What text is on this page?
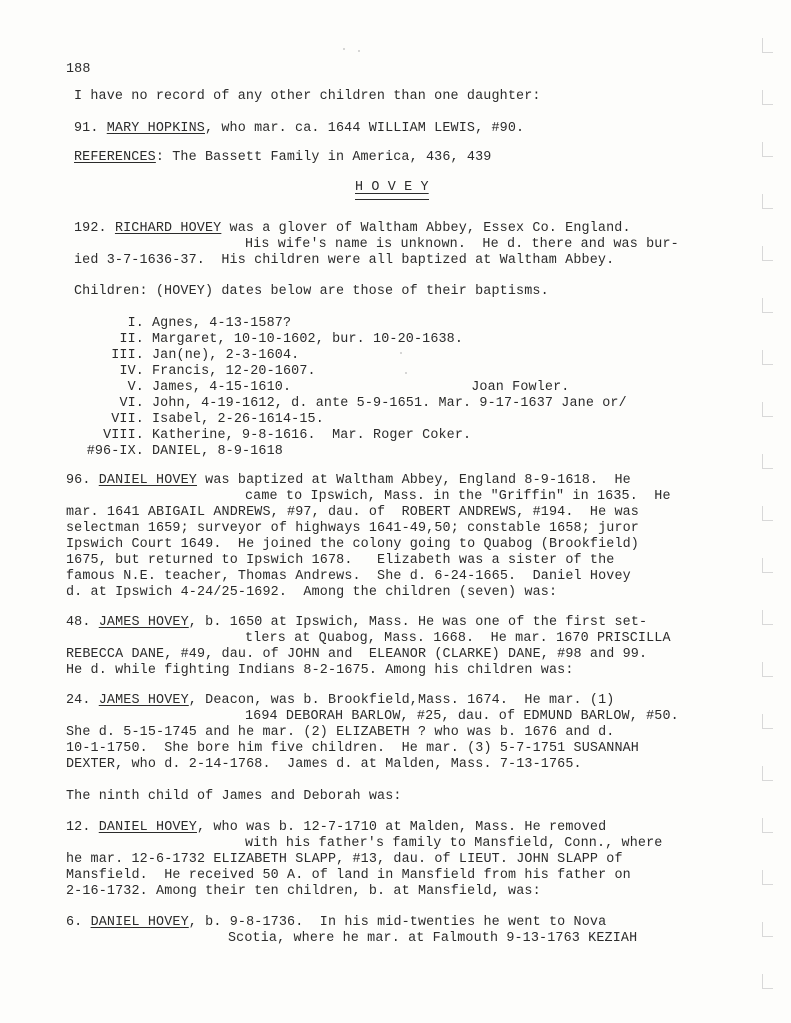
188
I have no record of any other children than one daughter:
91. MARY HOPKINS, who mar. ca. 1644 WILLIAM LEWIS, #90.
REFERENCES: The Bassett Family in America, 436, 439
H O V E Y
192. RICHARD HOVEY was a glover of Waltham Abbey, Essex Co. England.
His wife's name is unknown.  He d. there and was bur-
ied 3-7-1636-37.  His children were all baptized at Waltham Abbey.
Children: (HOVEY) dates below are those of their baptisms.
I. Agnes, 4-13-1587?
II. Margaret, 10-10-1602, bur. 10-20-1638.
III. Jan(ne), 2-3-1604.
IV. Francis, 12-20-1607.
V. James, 4-15-1610.                      Joan Fowler.
VI. John, 4-19-1612, d. ante 5-9-1651. Mar. 9-17-1637 Jane or/
VII. Isabel, 2-26-1614-15.
VIII. Katherine, 9-8-1616.  Mar. Roger Coker.
#96-IX. DANIEL, 8-9-1618
96. DANIEL HOVEY was baptized at Waltham Abbey, England 8-9-1618.  He
came to Ipswich, Mass. in the "Griffin" in 1635.  He
mar. 1641 ABIGAIL ANDREWS, #97, dau. of  ROBERT ANDREWS, #194.  He was
selectman 1659; surveyor of highways 1641-49,50; constable 1658; juror
Ipswich Court 1649.  He joined the colony going to Quabog (Brookfield)
1675, but returned to Ipswich 1678.   Elizabeth was a sister of the
famous N.E. teacher, Thomas Andrews.  She d. 6-24-1665.  Daniel Hovey
d. at Ipswich 4-24/25-1692.  Among the children (seven) was:
48. JAMES HOVEY, b. 1650 at Ipswich, Mass. He was one of the first set-
tlers at Quabog, Mass. 1668.  He mar. 1670 PRISCILLA
REBECCA DANE, #49, dau. of JOHN and  ELEANOR (CLARKE) DANE, #98 and 99.
He d. while fighting Indians 8-2-1675. Among his children was:
24. JAMES HOVEY, Deacon, was b. Brookfield,Mass. 1674.  He mar. (1)
1694 DEBORAH BARLOW, #25, dau. of EDMUND BARLOW, #50.
She d. 5-15-1745 and he mar. (2) ELIZABETH ? who was b. 1676 and d.
10-1-1750.  She bore him five children.  He mar. (3) 5-7-1751 SUSANNAH
DEXTER, who d. 2-14-1768.  James d. at Malden, Mass. 7-13-1765.
The ninth child of James and Deborah was:
12. DANIEL HOVEY, who was b. 12-7-1710 at Malden, Mass. He removed
with his father's family to Mansfield, Conn., where
he mar. 12-6-1732 ELIZABETH SLAPP, #13, dau. of LIEUT. JOHN SLAPP of
Mansfield.  He received 50 A. of land in Mansfield from his father on
2-16-1732. Among their ten children, b. at Mansfield, was:
6. DANIEL HOVEY, b. 9-8-1736.  In his mid-twenties he went to Nova
Scotia, where he mar. at Falmouth 9-13-1763 KEZIAH
